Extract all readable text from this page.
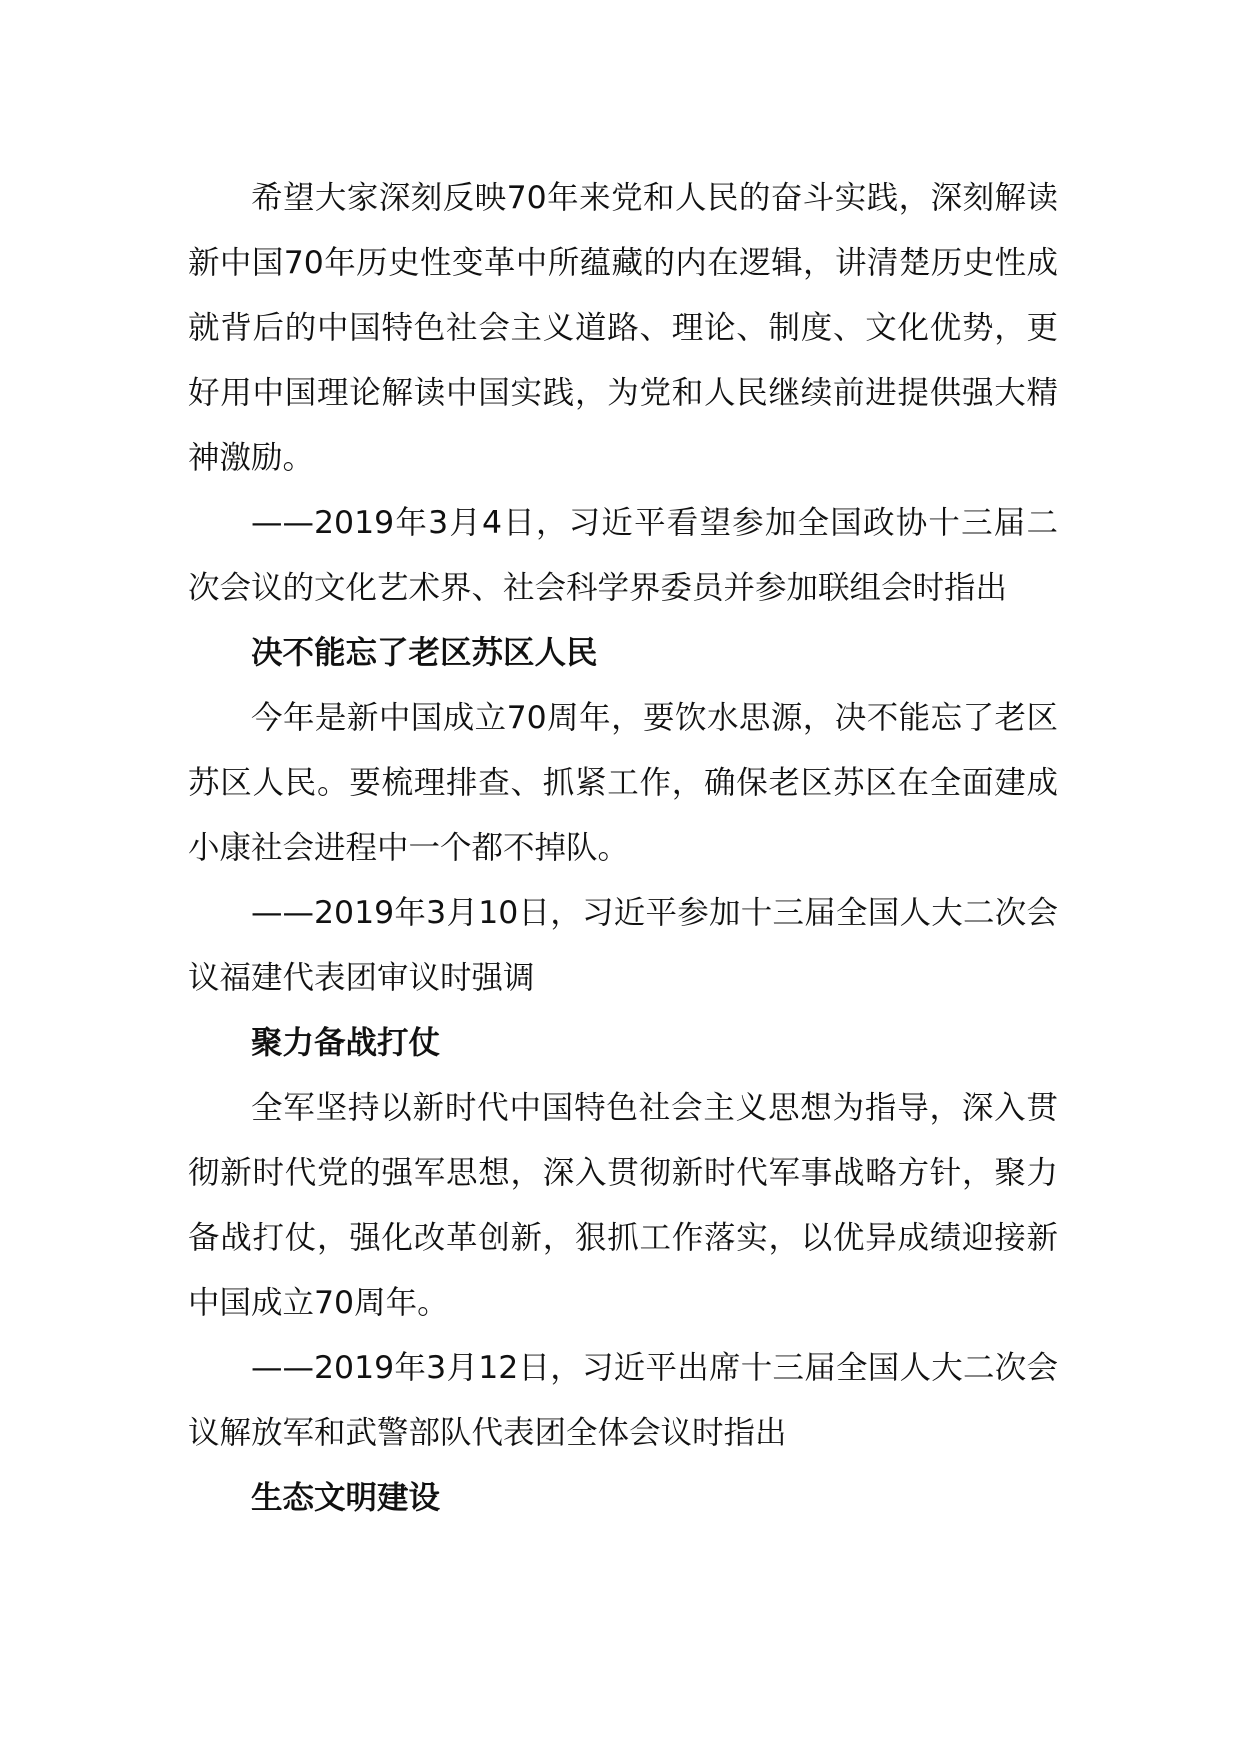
希望大家深刻反映70年来党和人民的奋斗实践，深刻解读新中国70年历史性变革中所蕴藏的内在逻辑，讲清楚历史性成就背后的中国特色社会主义道路、理论、制度、文化优势，更好用中国理论解读中国实践，为党和人民继续前进提供强大精神激励。

——2019年3月4日，习近平看望参加全国政协十三届二次会议的文化艺术界、社会科学界委员并参加联组会时指出

决不能忘了老区苏区人民

今年是新中国成立70周年，要饮水思源，决不能忘了老区苏区人民。要梳理排查、抓紧工作，确保老区苏区在全面建成小康社会进程中一个都不掉队。

——2019年3月10日，习近平参加十三届全国人大二次会议福建代表团审议时强调

聚力备战打仗

全军坚持以新时代中国特色社会主义思想为指导，深入贯彻新时代党的强军思想，深入贯彻新时代军事战略方针，聚力备战打仗，强化改革创新，狠抓工作落实，以优异成绩迎接新中国成立70周年。

——2019年3月12日，习近平出席十三届全国人大二次会议解放军和武警部队代表团全体会议时指出

生态文明建设
